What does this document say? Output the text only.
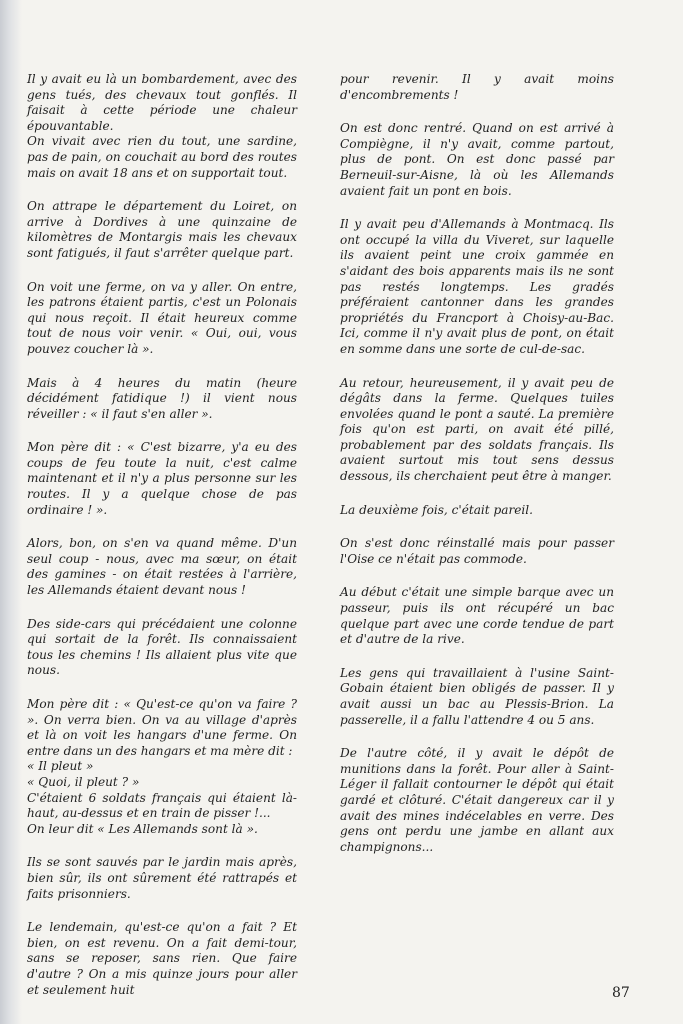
Il y avait eu là un bombardement, avec des gens tués, des chevaux tout gonflés. Il faisait à cette période une chaleur épouvantable.
On vivait avec rien du tout, une sardine, pas de pain, on couchait au bord des routes mais on avait 18 ans et on supportait tout.

On attrape le département du Loiret, on arrive à Dordives à une quinzaine de kilomètres de Montargis mais les chevaux sont fatigués, il faut s'arrêter quelque part.

On voit une ferme, on va y aller. On entre, les patrons étaient partis, c'est un Polonais qui nous reçoit. Il était heureux comme tout de nous voir venir. « Oui, oui, vous pouvez coucher là ».

Mais à 4 heures du matin (heure décidément fatidique !) il vient nous réveiller : « il faut s'en aller ».

Mon père dit : « C'est bizarre, y'a eu des coups de feu toute la nuit, c'est calme maintenant et il n'y a plus personne sur les routes. Il y a quelque chose de pas ordinaire ! ».

Alors, bon, on s'en va quand même. D'un seul coup - nous, avec ma sœur, on était des gamines - on était restées à l'arrière, les Allemands étaient devant nous !

Des side-cars qui précédaient une colonne qui sortait de la forêt. Ils connaissaient tous les chemins ! Ils allaient plus vite que nous.

Mon père dit : « Qu'est-ce qu'on va faire ? ». On verra bien. On va au village d'après et là on voit les hangars d'une ferme. On entre dans un des hangars et ma mère dit :
« Il pleut »
« Quoi, il pleut ? »
C'étaient 6 soldats français qui étaient là-haut, au-dessus et en train de pisser !...
On leur dit « Les Allemands sont là ».

Ils se sont sauvés par le jardin mais après, bien sûr, ils ont sûrement été rattrapés et faits prisonniers.

Le lendemain, qu'est-ce qu'on a fait ? Et bien, on est revenu. On a fait demi-tour, sans se reposer, sans rien. Que faire d'autre ? On a mis quinze jours pour aller et seulement huit

pour revenir. Il y avait moins d'encombrements !

On est donc rentré. Quand on est arrivé à Compiègne, il n'y avait, comme partout, plus de pont. On est donc passé par Berneuil-sur-Aisne, là où les Allemands avaient fait un pont en bois.

Il y avait peu d'Allemands à Montmacq. Ils ont occupé la villa du Viveret, sur laquelle ils avaient peint une croix gammée en s'aidant des bois apparents mais ils ne sont pas restés longtemps. Les gradés préféraient cantonner dans les grandes propriétés du Francport à Choisy-au-Bac. Ici, comme il n'y avait plus de pont, on était en somme dans une sorte de cul-de-sac.

Au retour, heureusement, il y avait peu de dégâts dans la ferme. Quelques tuiles envolées quand le pont a sauté. La première fois qu'on est parti, on avait été pillé, probablement par des soldats français. Ils avaient surtout mis tout sens dessus dessous, ils cherchaient peut être à manger.

La deuxième fois, c'était pareil.

On s'est donc réinstallé mais pour passer l'Oise ce n'était pas commode.

Au début c'était une simple barque avec un passeur, puis ils ont récupéré un bac quelque part avec une corde tendue de part et d'autre de la rive.

Les gens qui travaillaient à l'usine Saint-Gobain étaient bien obligés de passer. Il y avait aussi un bac au Plessis-Brion. La passerelle, il a fallu l'attendre 4 ou 5 ans.

De l'autre côté, il y avait le dépôt de munitions dans la forêt. Pour aller à Saint-Léger il fallait contourner le dépôt qui était gardé et clôturé. C'était dangereux car il y avait des mines indécelables en verre. Des gens ont perdu une jambe en allant aux champignons...

87
